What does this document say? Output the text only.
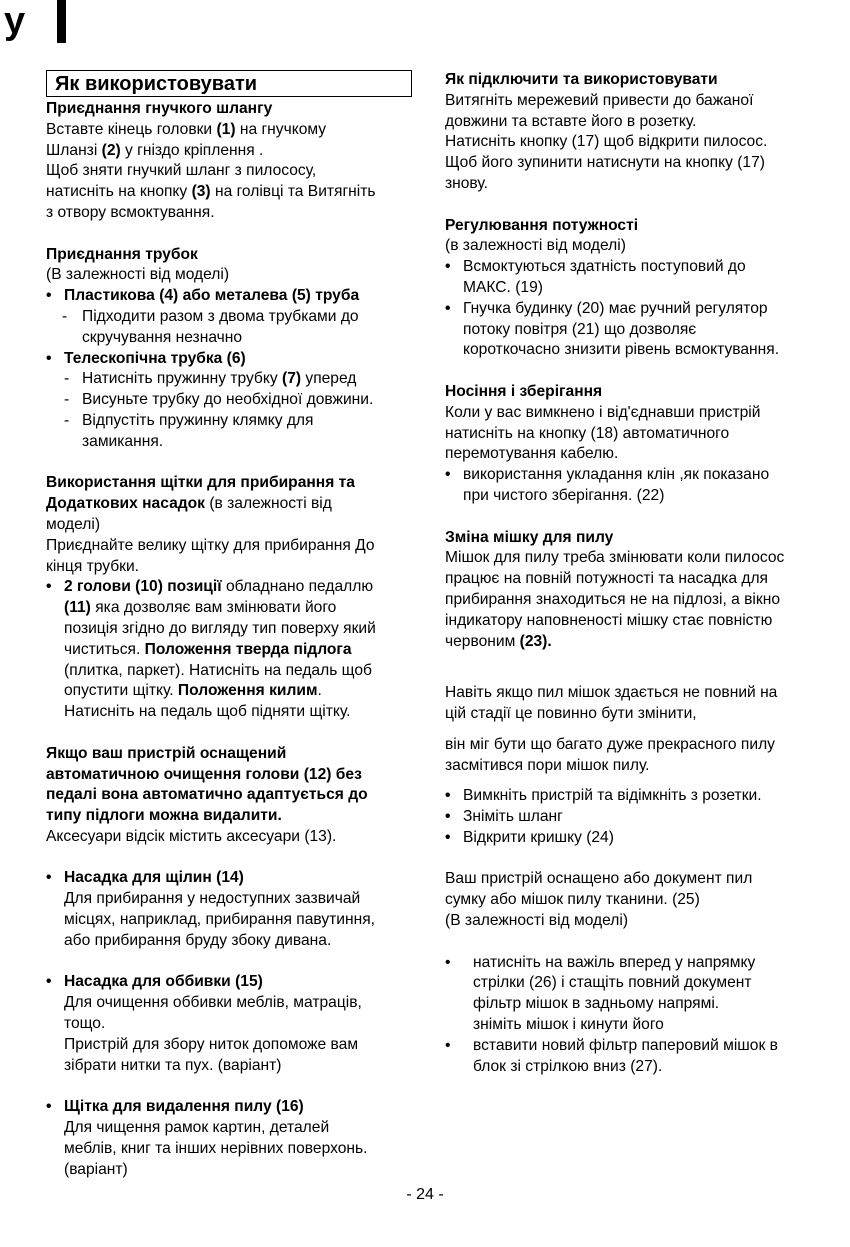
у
Як використовувати

Приєднання гнучкого шлангу

Вставте кінець головки (1) на гнучкому

Шланзі (2) у гніздо кріплення .

Щоб зняти гнучкий шланг з пилососу,

натисніть на кнопку (3) на голівці та Витягніть

з отвору всмоктування.

Приєднання трубок

(В залежності від моделі)

• Пластикова (4) або металева (5) труба

- Підходити разом з двома трубками до
скручування незначно

• Телескопічна трубка (6)

- Натисніть пружинну трубку (7) уперед

- Висуньте трубку до необхідної довжини.

- Відпустіть пружинну клямку для
замикання.

Використання щітки для прибирання та

Додаткових насадок (в залежності від

моделі)

Приєднайте велику щітку для прибирання До

кінця трубки.

• 2 голови (10) позиції обладнано педаллю
(11) яка дозволяє вам змінювати його
позиція згідно до вигляду тип поверху який
чиститься. Положення тверда підлога
(плитка, паркет). Натисніть на педаль щоб
опустити щітку. Положення килим.
Натисніть на педаль щоб підняти щітку.

Якщо ваш пристрій оснащений

автоматичною очищення голови (12) без

педалі вона автоматично адаптується до

типу підлоги можна видалити.

Аксесуари відсік містить аксесуари (13).

• Насадка для щілин (14)
Для прибирання у недоступних зазвичай
місцях, наприклад, прибирання павутиння,
або прибирання бруду збоку дивана.
• Насадка для оббивки (15)
Для очищення оббивки меблів, матраців,
тощо.
Пристрій для збору ниток допоможе вам
зібрати нитки та пух. (варіант)
• Щітка для видалення пилу (16)
Для чищення рамок картин, деталей
меблів, книг та інших нерівних поверхонь.
(варіант)

Як підключити та використовувати

Витягніть мережевий привести до бажаної

довжини та вставте його в розетку.

Натисніть кнопку (17) щоб відкрити пилосос.

Щоб його зупинити натиснути на кнопку (17)

знову.

Регулювання потужності

(в залежності від моделі)

• Всмоктуються здатність поступовий до
МАКС. (19)
• Гнучка будинку (20) має ручний регулятор
потоку повітря (21) що дозволяє
короткочасно знизити рівень всмоктування.

Носіння і зберігання

Коли у вас вимкнено і від'єднавши пристрій

натисніть на кнопку (18) автоматичного

перемотування кабелю.

• використання укладання клін ,як показано
при чистого зберігання. (22)

Зміна мішку для пилу

Мішок для пилу треба змінювати коли пилосос

працює на повній потужності та насадка для

прибирання знаходиться не на підлозі, а вікно

індикатору наповненості мішку стає повністю

червоним (23).

Навіть якщо пил мішок здається не повний на

цій стадії це повинно бути змінити,

він міг бути що багато дуже прекрасного пилу

засмітився пори мішок пилу.

• Вимкніть пристрій та відімкніть з розетки.

• Зніміть шланг

• Відкрити кришку (24)

Ваш пристрій оснащено або документ пил

сумку або мішок пилу тканини. (25)

(В залежності від моделі)

• натисніть на важіль вперед у напрямку
стрілки (26) і стащіть повний документ
фільтр мішок в задньому напрямі.
зніміть мішок і кинути його
• вставити новий фільтр паперовий мішок в
блок зі стрілкою вниз (27).
- 24 -
